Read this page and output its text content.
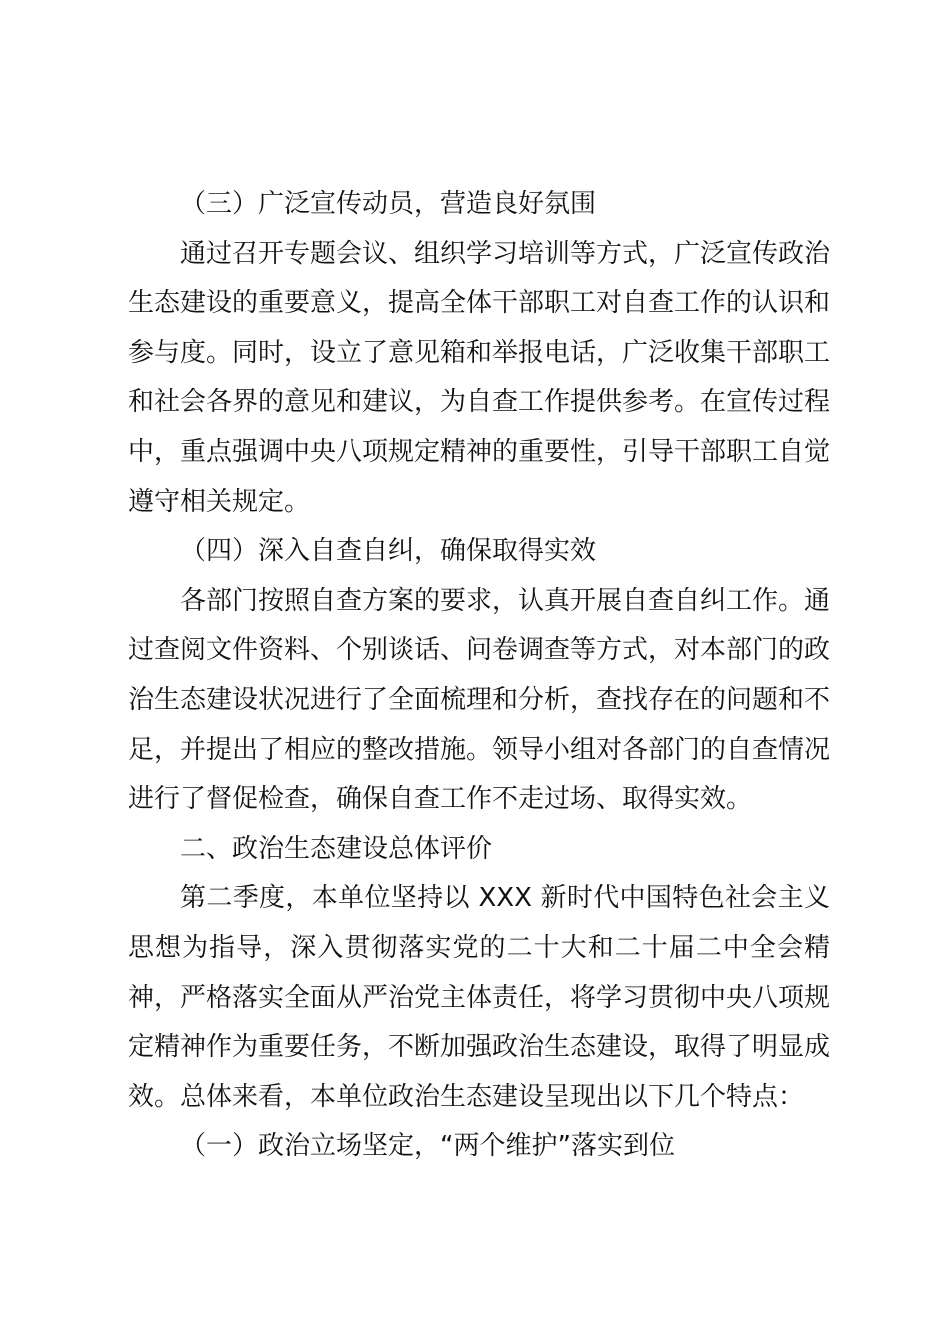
（三）广泛宣传动员，营造良好氛围

通过召开专题会议、组织学习培训等方式，广泛宣传政治生态建设的重要意义，提高全体干部职工对自查工作的认识和参与度。同时，设立了意见箱和举报电话，广泛收集干部职工和社会各界的意见和建议，为自查工作提供参考。在宣传过程中，重点强调中央八项规定精神的重要性，引导干部职工自觉遵守相关规定。

（四）深入自查自纠，确保取得实效

各部门按照自查方案的要求，认真开展自查自纠工作。通过查阅文件资料、个别谈话、问卷调查等方式，对本部门的政治生态建设状况进行了全面梳理和分析，查找存在的问题和不足，并提出了相应的整改措施。领导小组对各部门的自查情况进行了督促检查，确保自查工作不走过场、取得实效。

二、政治生态建设总体评价

第二季度，本单位坚持以 XXX 新时代中国特色社会主义思想为指导，深入贯彻落实党的二十大和二十届二中全会精神，严格落实全面从严治党主体责任，将学习贯彻中央八项规定精神作为重要任务，不断加强政治生态建设，取得了明显成效。总体来看，本单位政治生态建设呈现出以下几个特点：

（一）政治立场坚定，“两个维护”落实到位
